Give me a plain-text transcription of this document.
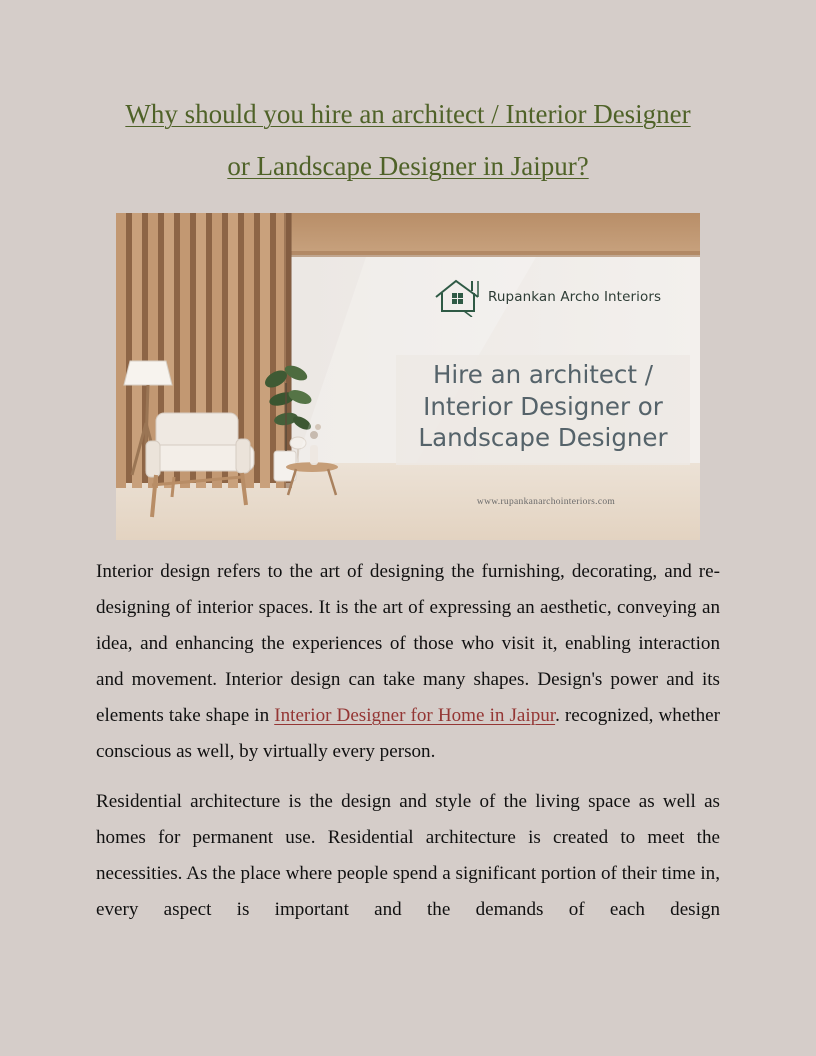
Why should you hire an architect / Interior Designer
or Landscape Designer in Jaipur?
Rupankan Archo Interiors
Hire an architect /
Interior Designer or
Landscape Designer
www.rupankanarchointeriors.com

Interior design refers to the art of designing the furnishing, decorating, and re-designing of interior spaces. It is the art of expressing an aesthetic, conveying an idea, and enhancing the experiences of those who visit it, enabling interaction and movement. Interior design can take many shapes. Design's power and its elements take shape in Interior Designer for Home in Jaipur. recognized, whether conscious as well, by virtually every person.

Residential architecture is the design and style of the living space as well as homes for permanent use. Residential architecture is created to meet the necessities. As the place where people spend a significant portion of their time in, every aspect is important and the demands of each design
